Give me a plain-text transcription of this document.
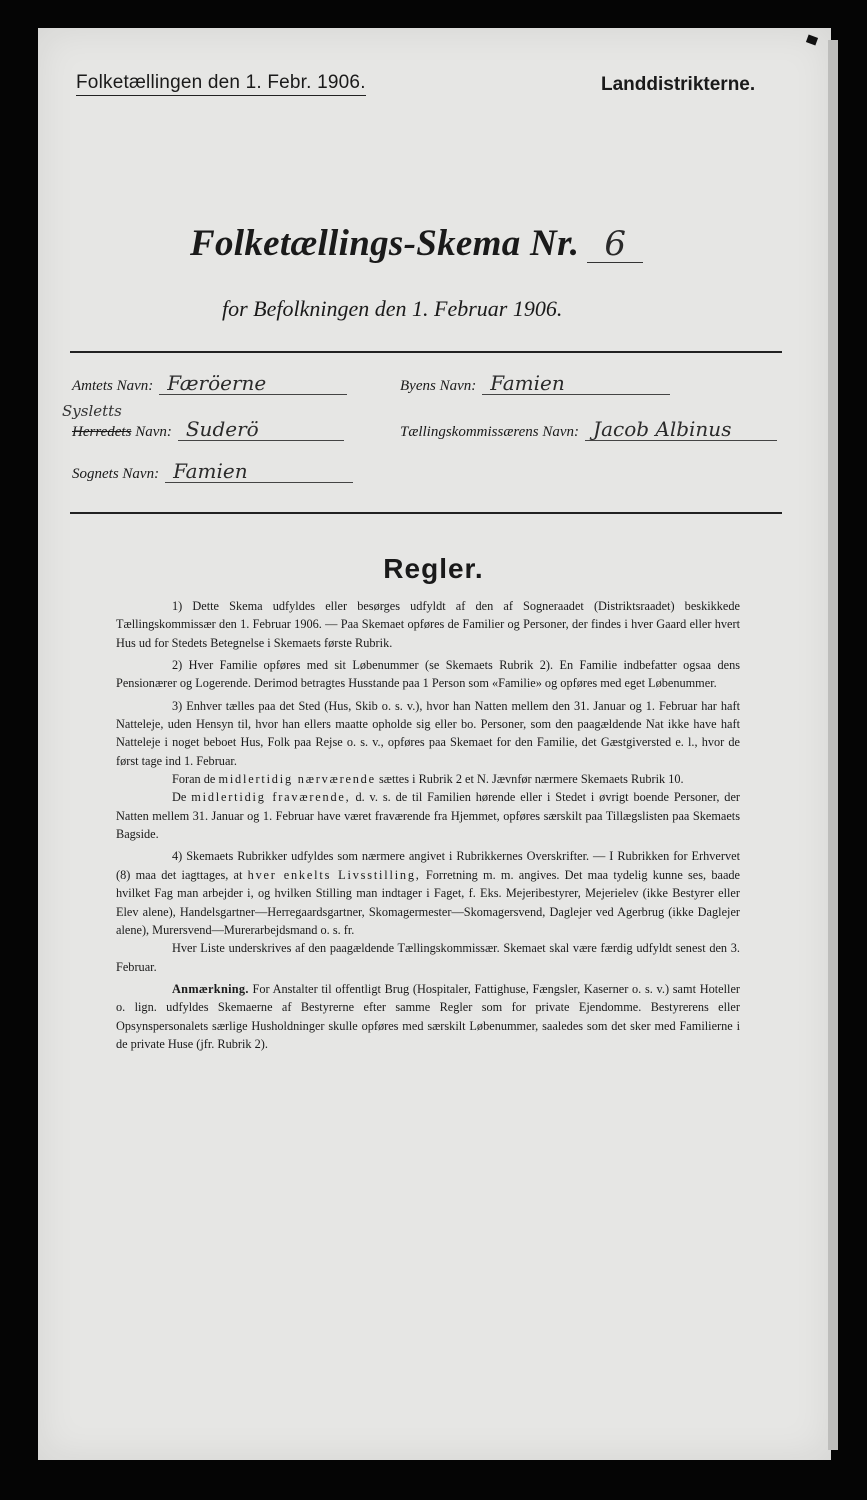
Folketællingen den 1. Febr. 1906.	Landdistrikterne.
Folketællings-Skema Nr. 6
for Befolkningen den 1. Februar 1906.
Amtets Navn: Færöerne	Byens Navn: Famien
Sysletts
Herredets Navn: Suderö	Tællingskommissærens Navn: Jacob Albinus
Sognets Navn: Famien
Regler.

1) Dette Skema udfyldes eller besørges udfyldt af den af Sogneraadet (Distriktsraadet) beskikkede Tællingskommissær den 1. Februar 1906. — Paa Skemaet opføres de Familier og Personer, der findes i hver Gaard eller hvert Hus ud for Stedets Betegnelse i Skemaets første Rubrik.

2) Hver Familie opføres med sit Løbenummer (se Skemaets Rubrik 2). En Familie indbefatter ogsaa dens Pensionærer og Logerende. Derimod betragtes Husstande paa 1 Person som «Familie» og opføres med eget Løbenummer.

3) Enhver tælles paa det Sted (Hus, Skib o. s. v.), hvor han Natten mellem den 31. Januar og 1. Februar har haft Natteleje, uden Hensyn til, hvor han ellers maatte opholde sig eller bo. Personer, som den paagældende Nat ikke have haft Natteleje i noget beboet Hus, Folk paa Rejse o. s. v., opføres paa Skemaet for den Familie, det Gæstgiversted e. l., hvor de først tage ind 1. Februar.

Foran de midlertidig nærværende sættes i Rubrik 2 et N. Jævnfør nærmere Skemaets Rubrik 10.

De midlertidig fraværende, d. v. s. de til Familien hørende eller i Stedet i øvrigt boende Personer, der Natten mellem 31. Januar og 1. Februar have været fraværende fra Hjemmet, opføres særskilt paa Tillægslisten paa Skemaets Bagside.

4) Skemaets Rubrikker udfyldes som nærmere angivet i Rubrikkernes Overskrifter. — I Rubrikken for Erhvervet (8) maa det iagttages, at hver enkelts Livsstilling, Forretning m. m. angives. Det maa tydelig kunne ses, baade hvilket Fag man arbejder i, og hvilken Stilling man indtager i Faget, f. Eks. Mejeribestyrer, Mejerielev (ikke Bestyrer eller Elev alene), Handelsgartner—Herregaardsgartner, Skomagermester—Skomagersvend, Daglejer ved Agerbrug (ikke Daglejer alene), Murersvend—Murerarbejdsmand o. s. fr.

Hver Liste underskrives af den paagældende Tællingskommissær. Skemaet skal være færdig udfyldt senest den 3. Februar.

Anmærkning. For Anstalter til offentligt Brug (Hospitaler, Fattighuse, Fængsler, Kaserner o. s. v.) samt Hoteller o. lign. udfyldes Skemaerne af Bestyrerne efter samme Regler som for private Ejendomme. Bestyrerens eller Opsynspersonalets særlige Husholdninger skulle opføres med særskilt Løbenummer, saaledes som det sker med Familierne i de private Huse (jfr. Rubrik 2).
